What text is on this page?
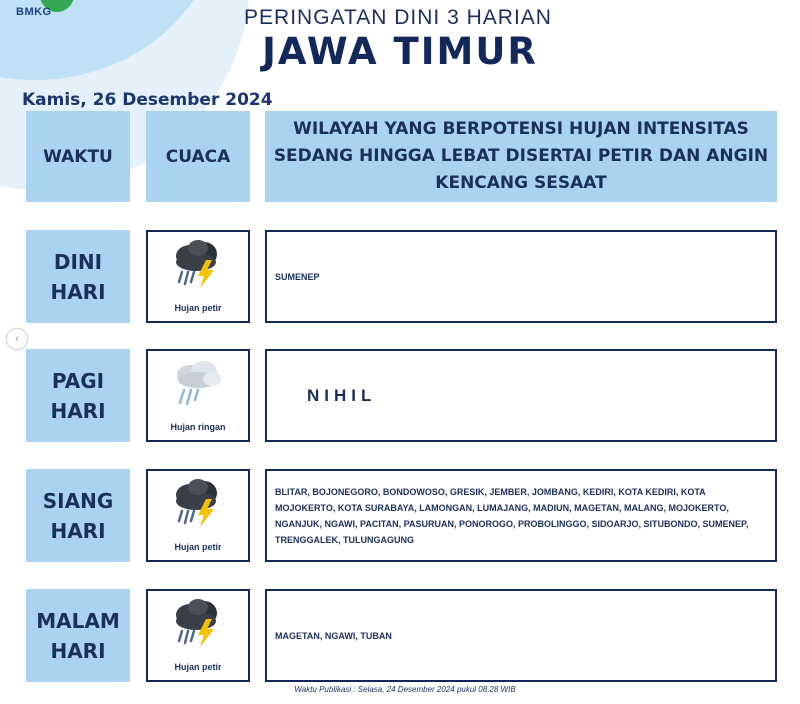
BMKG	PERINGATAN DINI 3 HARIAN
JAWA TIMUR
Kamis, 26 Desember 2024
WAKTU	CUACA
WILAYAH YANG BERPOTENSI HUJAN INTENSITAS SEDANG HINGGA LEBAT DISERTAI PETIR DAN ANGIN KENCANG SESAAT
DINI
HARI
Hujan petir
SUMENEP
PAGI
HARI
Hujan ringan
NIHIL
SIANG
HARI
Hujan petir
BLITAR, BOJONEGORO, BONDOWOSO, GRESIK, JEMBER, JOMBANG, KEDIRI, KOTA KEDIRI, KOTA MOJOKERTO, KOTA SURABAYA, LAMONGAN, LUMAJANG, MADIUN, MAGETAN, MALANG, MOJOKERTO, NGANJUK, NGAWI, PACITAN, PASURUAN, PONOROGO, PROBOLINGGO, SIDOARJO, SITUBONDO, SUMENEP, TRENGGALEK, TULUNGAGUNG
MALAM
HARI
Hujan petir
MAGETAN, NGAWI, TUBAN
‹
Waktu Publikasi : Selasa, 24 Desember 2024 pukul 08.28 WIB
